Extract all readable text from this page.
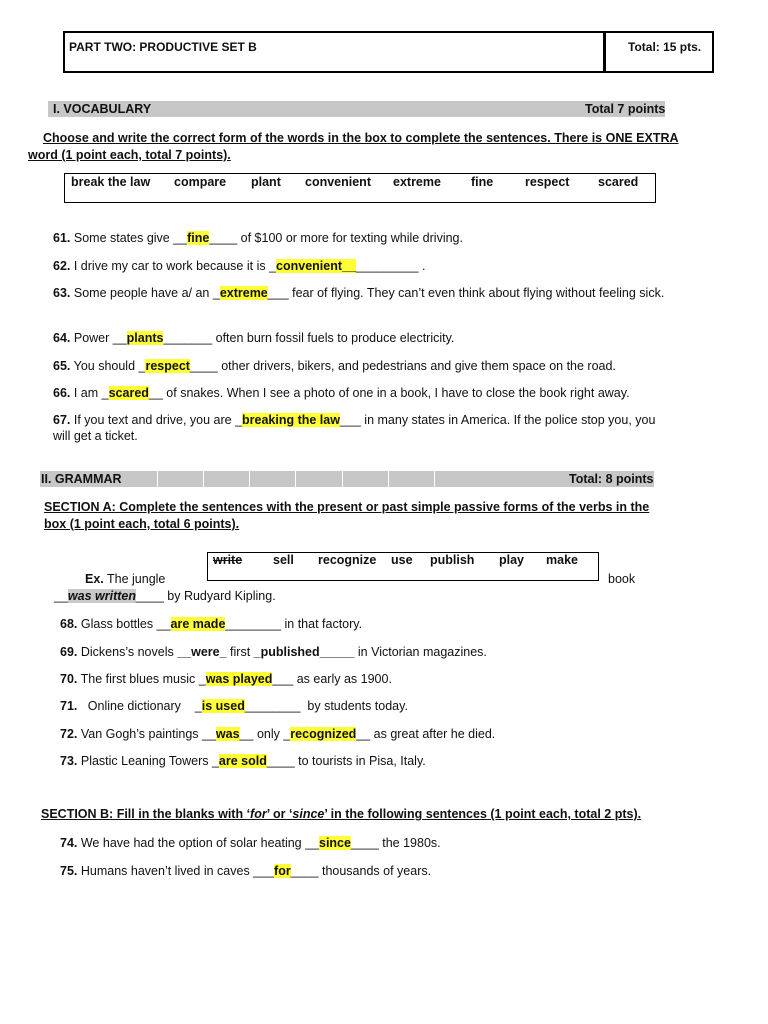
PART TWO: PRODUCTIVE SET B	Total: 15 pts.
I. VOCABULARY	Total 7 points
Choose and write the correct form of the words in the box to complete the sentences. There is ONE EXTRA word (1 point each, total 7 points).
break the law compare plant convenient extreme fine	respect scared
61. Some states give __fine____ of $100 or more for texting while driving.
62. I drive my car to work because it is _convenient___________ .
63. Some people have a/ an _extreme___ fear of flying. They can’t even think about flying without feeling sick.
64. Power __plants_______ often burn fossil fuels to produce electricity.
65. You should _respect____ other drivers, bikers, and pedestrians and give them space on the road.
66. I am _scared__ of snakes. When I see a photo of one in a book, I have to close the book right away.
67. If you text and drive, you are _breaking the law___ in many states in America. If the police stop you, you will get a ticket.
II. GRAMMAR	Total: 8 points
SECTION A: Complete the sentences with the present or past simple passive forms of the verbs in the box (1 point each, total 6 points).
write sell recognize use publish play make
Ex. The jungle	book
__was written____ by Rudyard Kipling.
68. Glass bottles __are made________ in that factory.
69. Dickens’s novels __were_ first _published_____ in Victorian magazines.
70. The first blues music _was played___ as early as 1900.
71.   Online dictionary    _is used________  by students today.
72. Van Gogh’s paintings __was__ only _recognized__ as great after he died.
73. Plastic Leaning Towers _are sold____ to tourists in Pisa, Italy.
SECTION B: Fill in the blanks with ‘for’ or ‘since’ in the following sentences (1 point each, total 2 pts).
74. We have had the option of solar heating __since____ the 1980s.
75. Humans haven’t lived in caves ___for____ thousands of years.
